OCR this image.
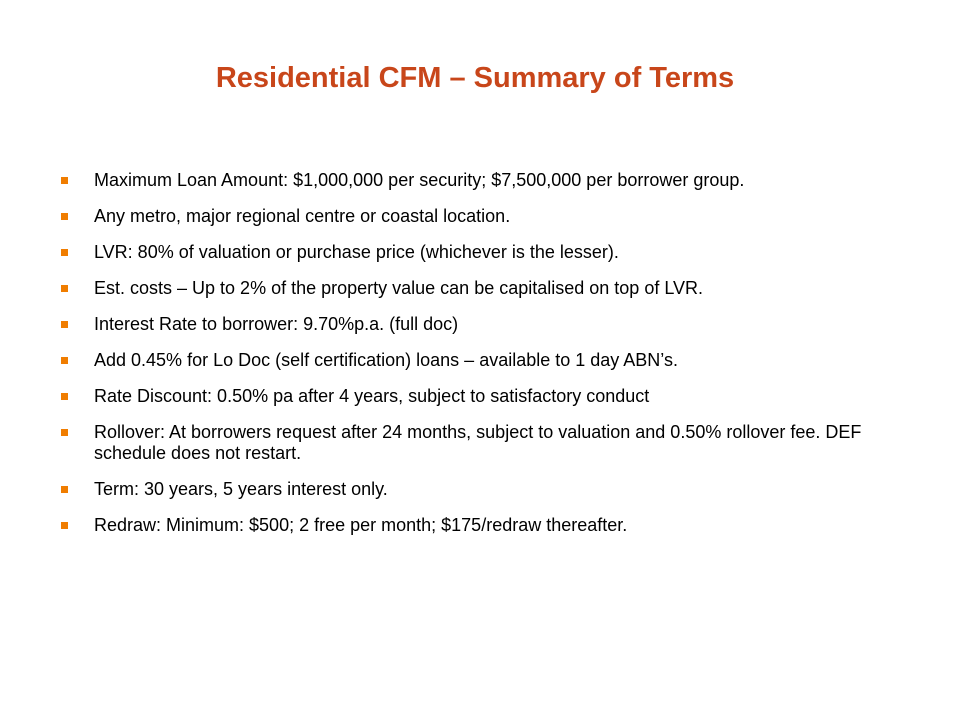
Residential CFM – Summary of Terms
Maximum Loan Amount: $1,000,000 per security; $7,500,000 per borrower group.
Any metro, major regional centre or coastal location.
LVR: 80% of valuation or purchase price (whichever is the lesser).
Est. costs – Up to 2% of the property value can be capitalised on top of LVR.
Interest Rate to borrower: 9.70%p.a. (full doc)
Add 0.45% for Lo Doc (self certification) loans – available to 1 day ABN’s.
Rate Discount: 0.50% pa after 4 years, subject to satisfactory conduct
Rollover: At borrowers request after 24 months, subject to valuation and 0.50% rollover fee. DEF schedule does not restart.
Term: 30 years, 5 years interest only.
Redraw: Minimum: $500; 2 free per month; $175/redraw thereafter.
